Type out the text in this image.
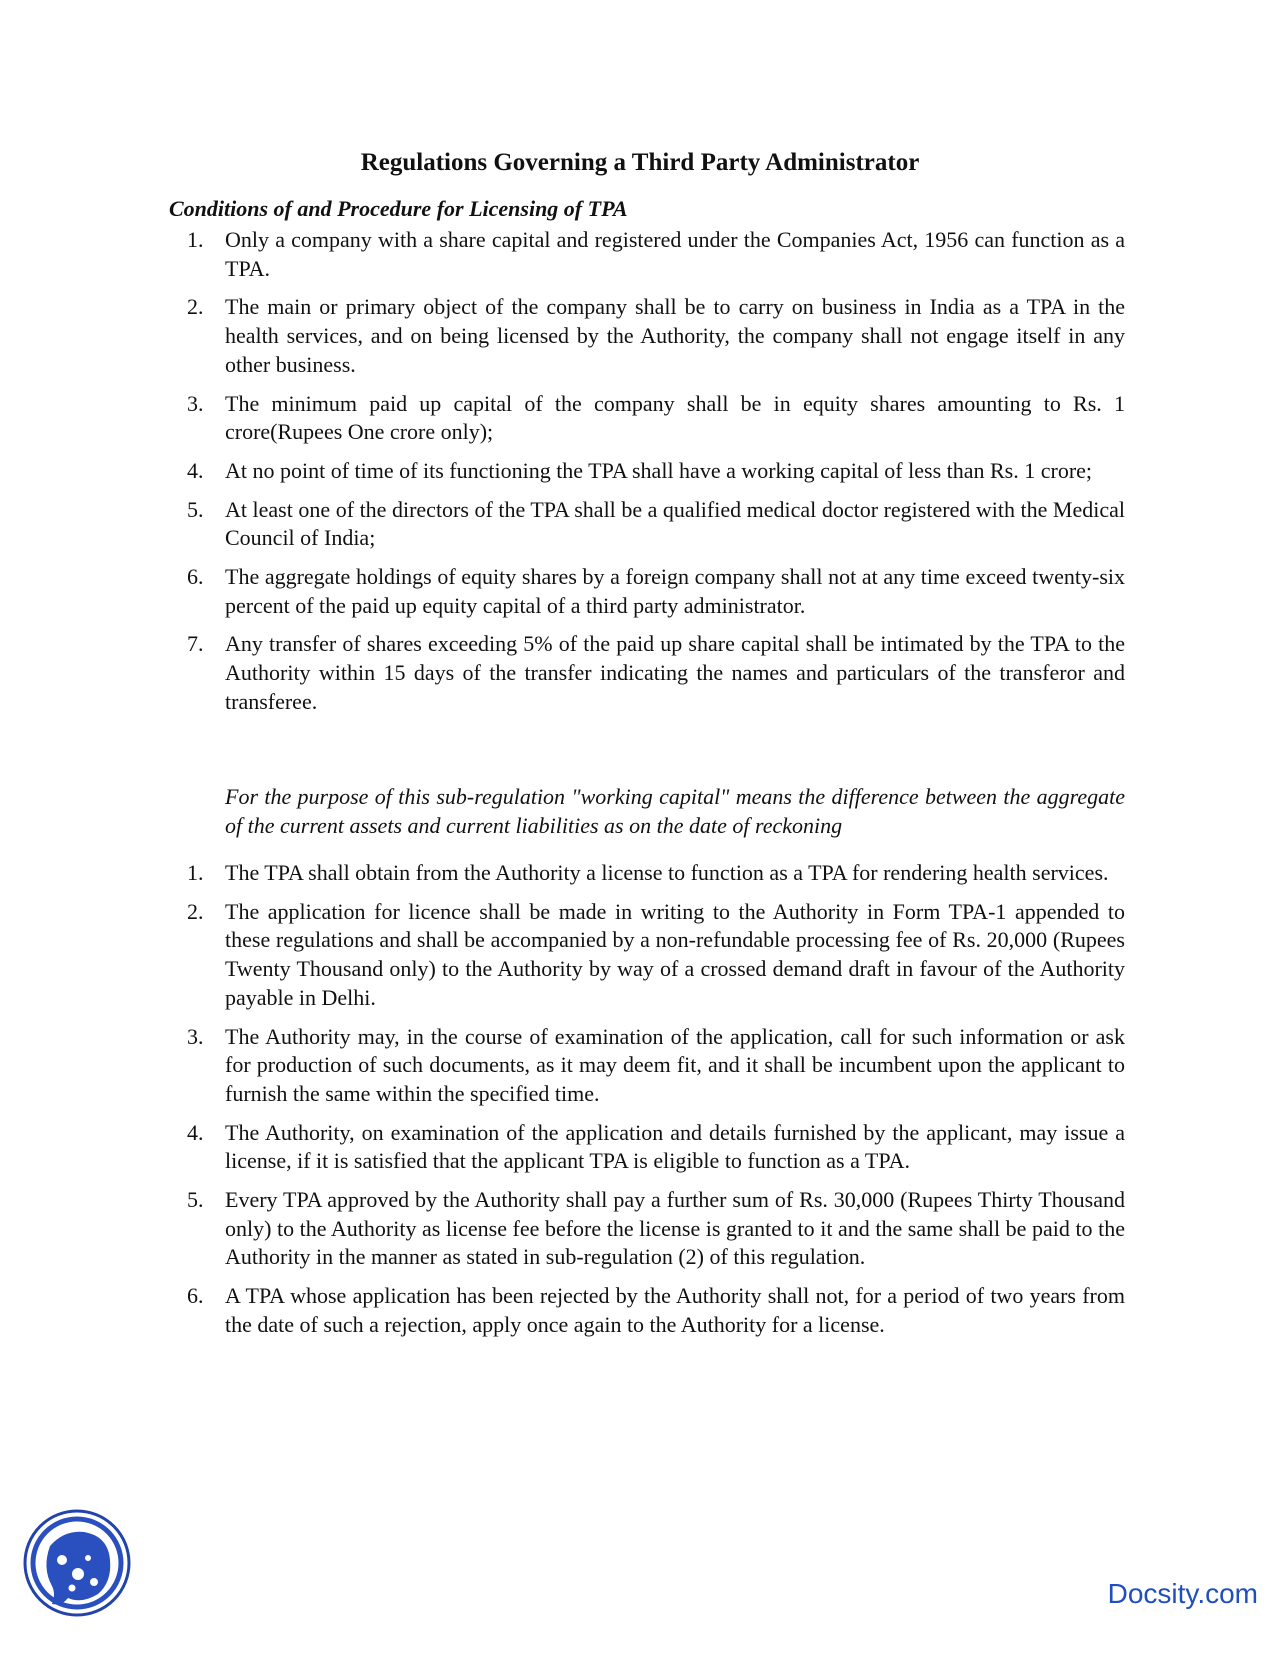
Regulations Governing a Third Party Administrator
Conditions of and Procedure for Licensing of TPA
1. Only a company with a share capital and registered under the Companies Act, 1956 can function as a TPA.
2. The main or primary object of the company shall be to carry on business in India as a TPA in the health services, and on being licensed by the Authority, the company shall not engage itself in any other business.
3. The minimum paid up capital of the company shall be in equity shares amounting to Rs. 1 crore(Rupees One crore only);
4. At no point of time of its functioning the TPA shall have a working capital of less than Rs. 1 crore;
5. At least one of the directors of the TPA shall be a qualified medical doctor registered with the Medical Council of India;
6. The aggregate holdings of equity shares by a foreign company shall not at any time exceed twenty-six percent of the paid up equity capital of a third party administrator.
7. Any transfer of shares exceeding 5% of the paid up share capital shall be intimated by the TPA to the Authority within 15 days of the transfer indicating the names and particulars of the transferor and transferee.
For the purpose of this sub-regulation "working capital" means the difference between the aggregate of the current assets and current liabilities as on the date of reckoning
1. The TPA shall obtain from the Authority a license to function as a TPA for rendering health services.
2. The application for licence shall be made in writing to the Authority in Form TPA-1 appended to these regulations and shall be accompanied by a non-refundable processing fee of Rs. 20,000 (Rupees Twenty Thousand only) to the Authority by way of a crossed demand draft in favour of the Authority payable in Delhi.
3. The Authority may, in the course of examination of the application, call for such information or ask for production of such documents, as it may deem fit, and it shall be incumbent upon the applicant to furnish the same within the specified time.
4. The Authority, on examination of the application and details furnished by the applicant, may issue a license, if it is satisfied that the applicant TPA is eligible to function as a TPA.
5. Every TPA approved by the Authority shall pay a further sum of Rs. 30,000 (Rupees Thirty Thousand only) to the Authority as license fee before the license is granted to it and the same shall be paid to the Authority in the manner as stated in sub-regulation (2) of this regulation.
6. A TPA whose application has been rejected by the Authority shall not, for a period of two years from the date of such a rejection, apply once again to the Authority for a license.
Docsity.com
